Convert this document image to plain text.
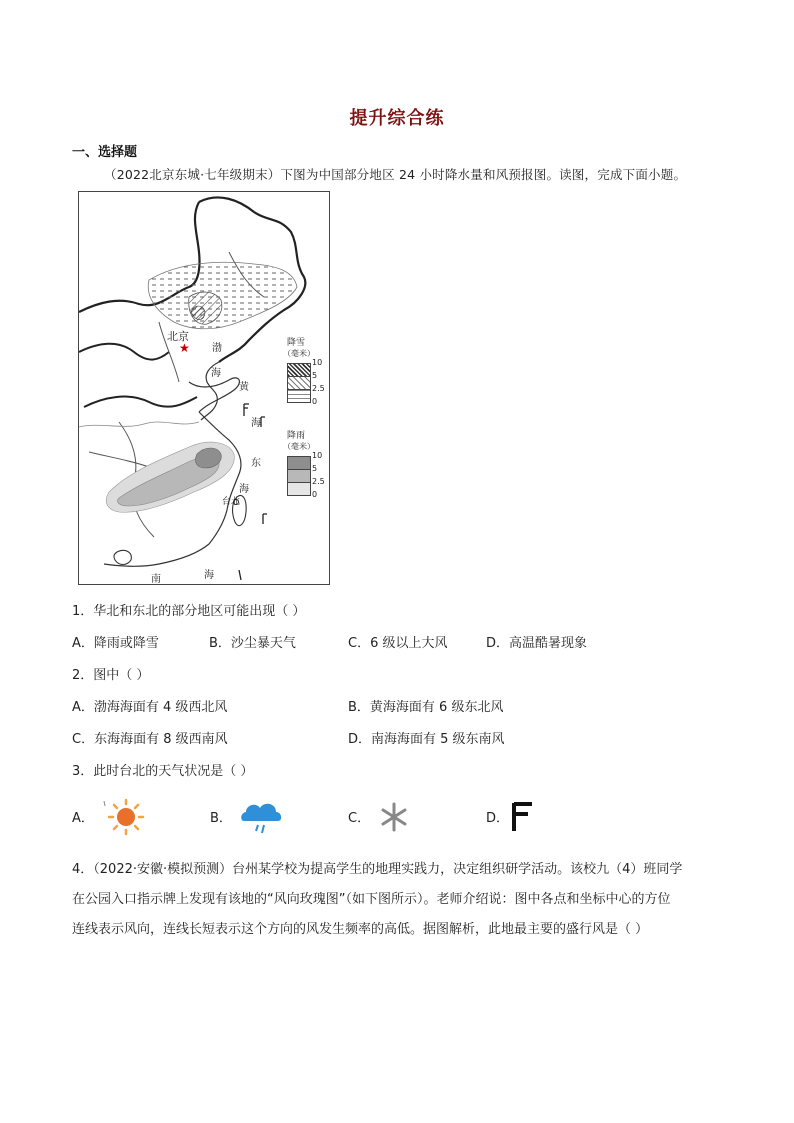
提升综合练
一、选择题
（2022北京东城·七年级期末）下图为中国部分地区 24 小时降水量和风预报图。读图，完成下面小题。
★
北京
渤
海
黄
海
东
海
台北
南	海
降雪
（毫米）
10
5
2.5
0
降雨
（毫米）
10
5
2.5
0
1．华北和东北的部分地区可能出现（ ）
A．降雨或降雪	B．沙尘暴天气	C．6 级以上大风	D．高温酷暑现象
2．图中（ ）
A．渤海海面有 4 级西北风	B．黄海海面有 6 级东北风
C．东海海面有 8 级西南风	D．南海海面有 5 级东南风
3．此时台北的天气状况是（ ）
A．	B．	C．	D．
4．（2022·安徽·模拟预测）台州某学校为提高学生的地理实践力，决定组织研学活动。该校九（4）班同学
在公园入口指示牌上发现有该地的“风向玫瑰图”（如下图所示）。老师介绍说：图中各点和坐标中心的方位
连线表示风向，连线长短表示这个方向的风发生频率的高低。据图解析，此地最主要的盛行风是（ ）
